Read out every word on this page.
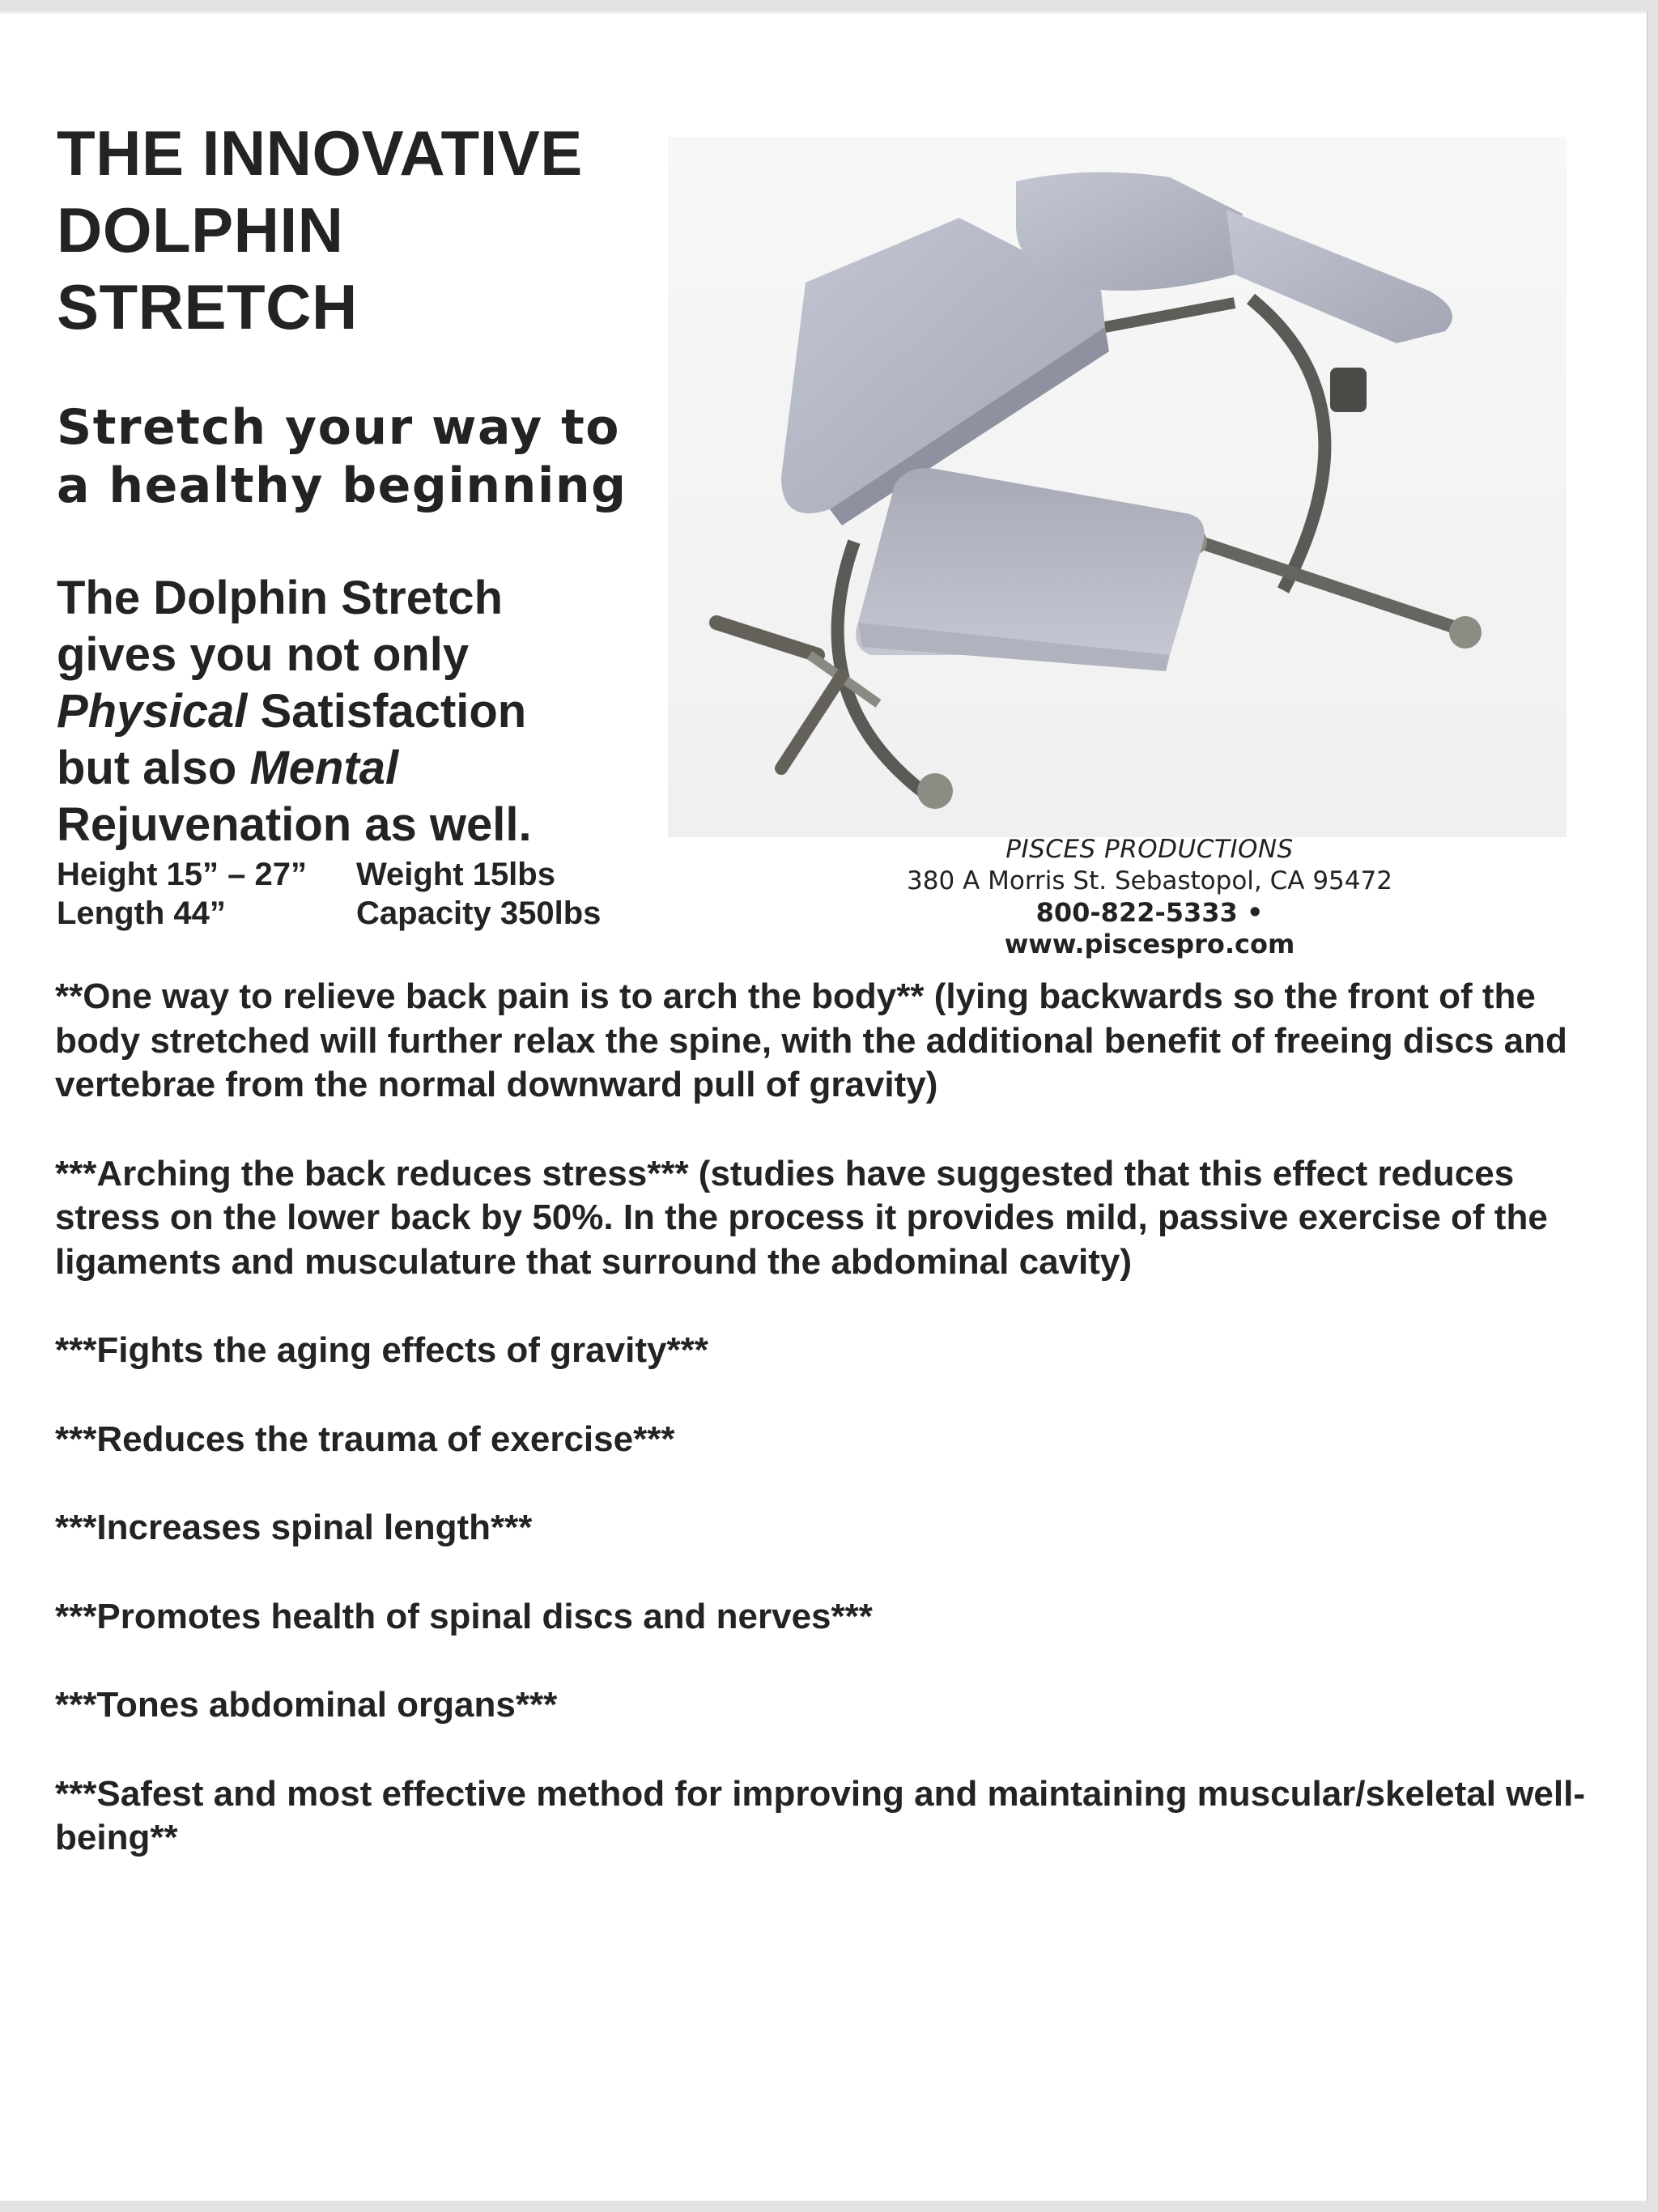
THE INNOVATIVE
DOLPHIN
STRETCH
Stretch your way to
a healthy beginning

The Dolphin Stretch
gives you not only
Physical Satisfaction
but also Mental
Rejuvenation as well.

Height 15” – 27”	Weight 15lbs
Length 44”	Capacity 350lbs
PISCES PRODUCTIONS
380 A Morris St. Sebastopol, CA 95472
800-822-5333 • www.piscespro.com

**One way to relieve back pain is to arch the body** (lying backwards so the front of the body stretched will further relax the spine, with the additional benefit of freeing discs and vertebrae from the normal downward pull of gravity)

***Arching the back reduces stress*** (studies have suggested that this effect reduces stress on the lower back by 50%. In the process it provides mild, passive exercise of the ligaments and musculature that surround the abdominal cavity)

***Fights the aging effects of gravity***

***Reduces the trauma of exercise***

***Increases spinal length***

***Promotes health of spinal discs and nerves***

***Tones abdominal organs***

***Safest and most effective method for improving and maintaining muscular/skeletal well-being**
